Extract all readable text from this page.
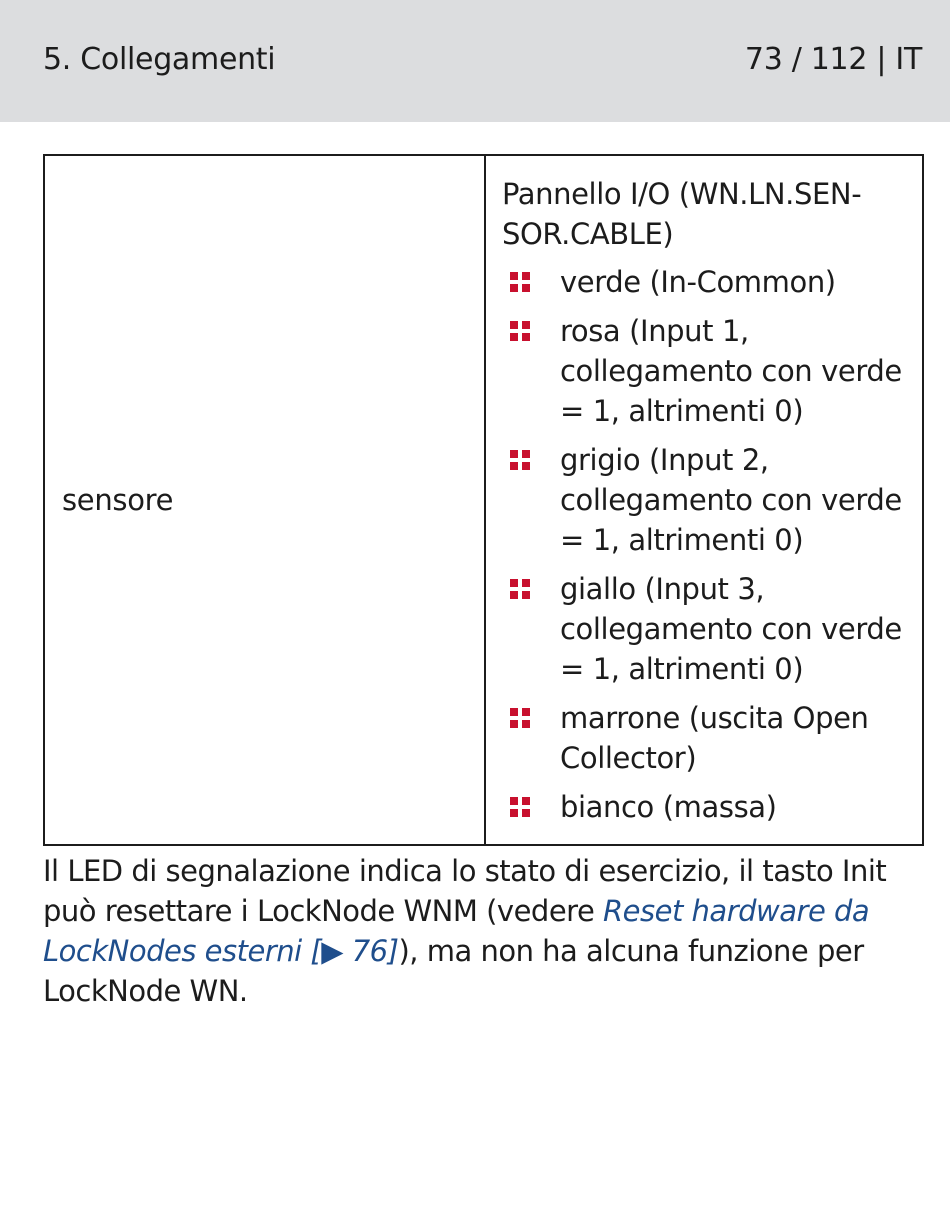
5. Collegamenti	73 / 112 | IT
sensore
Pannello I/O (WN.LN.SEN-SOR.CABLE)
verde (In-Common)
rosa (Input 1, collegamento con verde = 1, altrimenti 0)
grigio (Input 2, collegamento con verde = 1, altrimenti 0)
giallo (Input 3, collegamento con verde = 1, altrimenti 0)
marrone (uscita Open Collector)
bianco (massa)
Il LED di segnalazione indica lo stato di esercizio, il tasto Init può resettare i LockNode WNM (vedere Reset hardware da LockNodes esterni [▶ 76]), ma non ha alcuna funzione per LockNode WN.
